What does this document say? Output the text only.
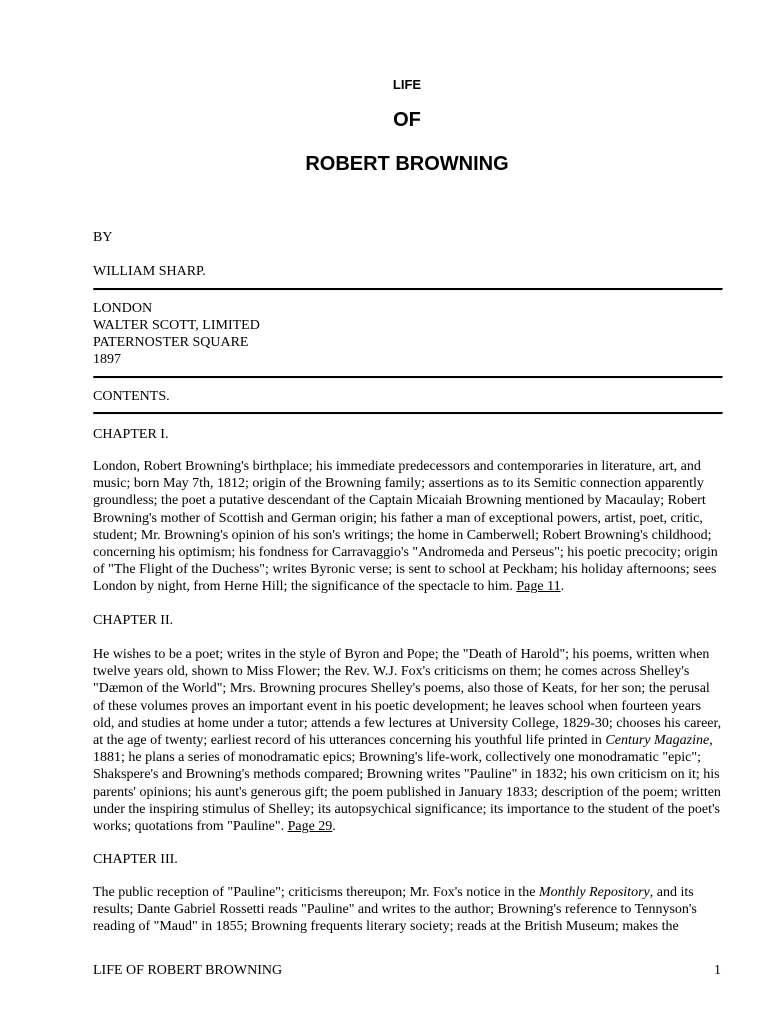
LIFE
OF
ROBERT BROWNING

BY

WILLIAM SHARP.

LONDON

WALTER SCOTT, LIMITED

PATERNOSTER SQUARE

1897

CONTENTS.

CHAPTER I.

London, Robert Browning's birthplace; his immediate predecessors and contemporaries in literature, art, and music; born May 7th, 1812; origin of the Browning family; assertions as to its Semitic connection apparently groundless; the poet a putative descendant of the Captain Micaiah Browning mentioned by Macaulay; Robert Browning's mother of Scottish and German origin; his father a man of exceptional powers, artist, poet, critic, student; Mr. Browning's opinion of his son's writings; the home in Camberwell; Robert Browning's childhood; concerning his optimism; his fondness for Carravaggio's "Andromeda and Perseus"; his poetic precocity; origin of "The Flight of the Duchess"; writes Byronic verse; is sent to school at Peckham; his holiday afternoons; sees London by night, from Herne Hill; the significance of the spectacle to him. Page 11.

CHAPTER II.

He wishes to be a poet; writes in the style of Byron and Pope; the "Death of Harold"; his poems, written when twelve years old, shown to Miss Flower; the Rev. W.J. Fox's criticisms on them; he comes across Shelley's "Dæmon of the World"; Mrs. Browning procures Shelley's poems, also those of Keats, for her son; the perusal of these volumes proves an important event in his poetic development; he leaves school when fourteen years old, and studies at home under a tutor; attends a few lectures at University College, 1829-30; chooses his career, at the age of twenty; earliest record of his utterances concerning his youthful life printed in Century Magazine, 1881; he plans a series of monodramatic epics; Browning's life-work, collectively one monodramatic "epic"; Shakspere's and Browning's methods compared; Browning writes "Pauline" in 1832; his own criticism on it; his parents' opinions; his aunt's generous gift; the poem published in January 1833; description of the poem; written under the inspiring stimulus of Shelley; its autopsychical significance; its importance to the student of the poet's works; quotations from "Pauline". Page 29.

CHAPTER III.

The public reception of "Pauline"; criticisms thereupon; Mr. Fox's notice in the Monthly Repository, and its results; Dante Gabriel Rossetti reads "Pauline" and writes to the author; Browning's reference to Tennyson's reading of "Maud" in 1855; Browning frequents literary society; reads at the British Museum; makes the

LIFE OF ROBERT BROWNING	1
